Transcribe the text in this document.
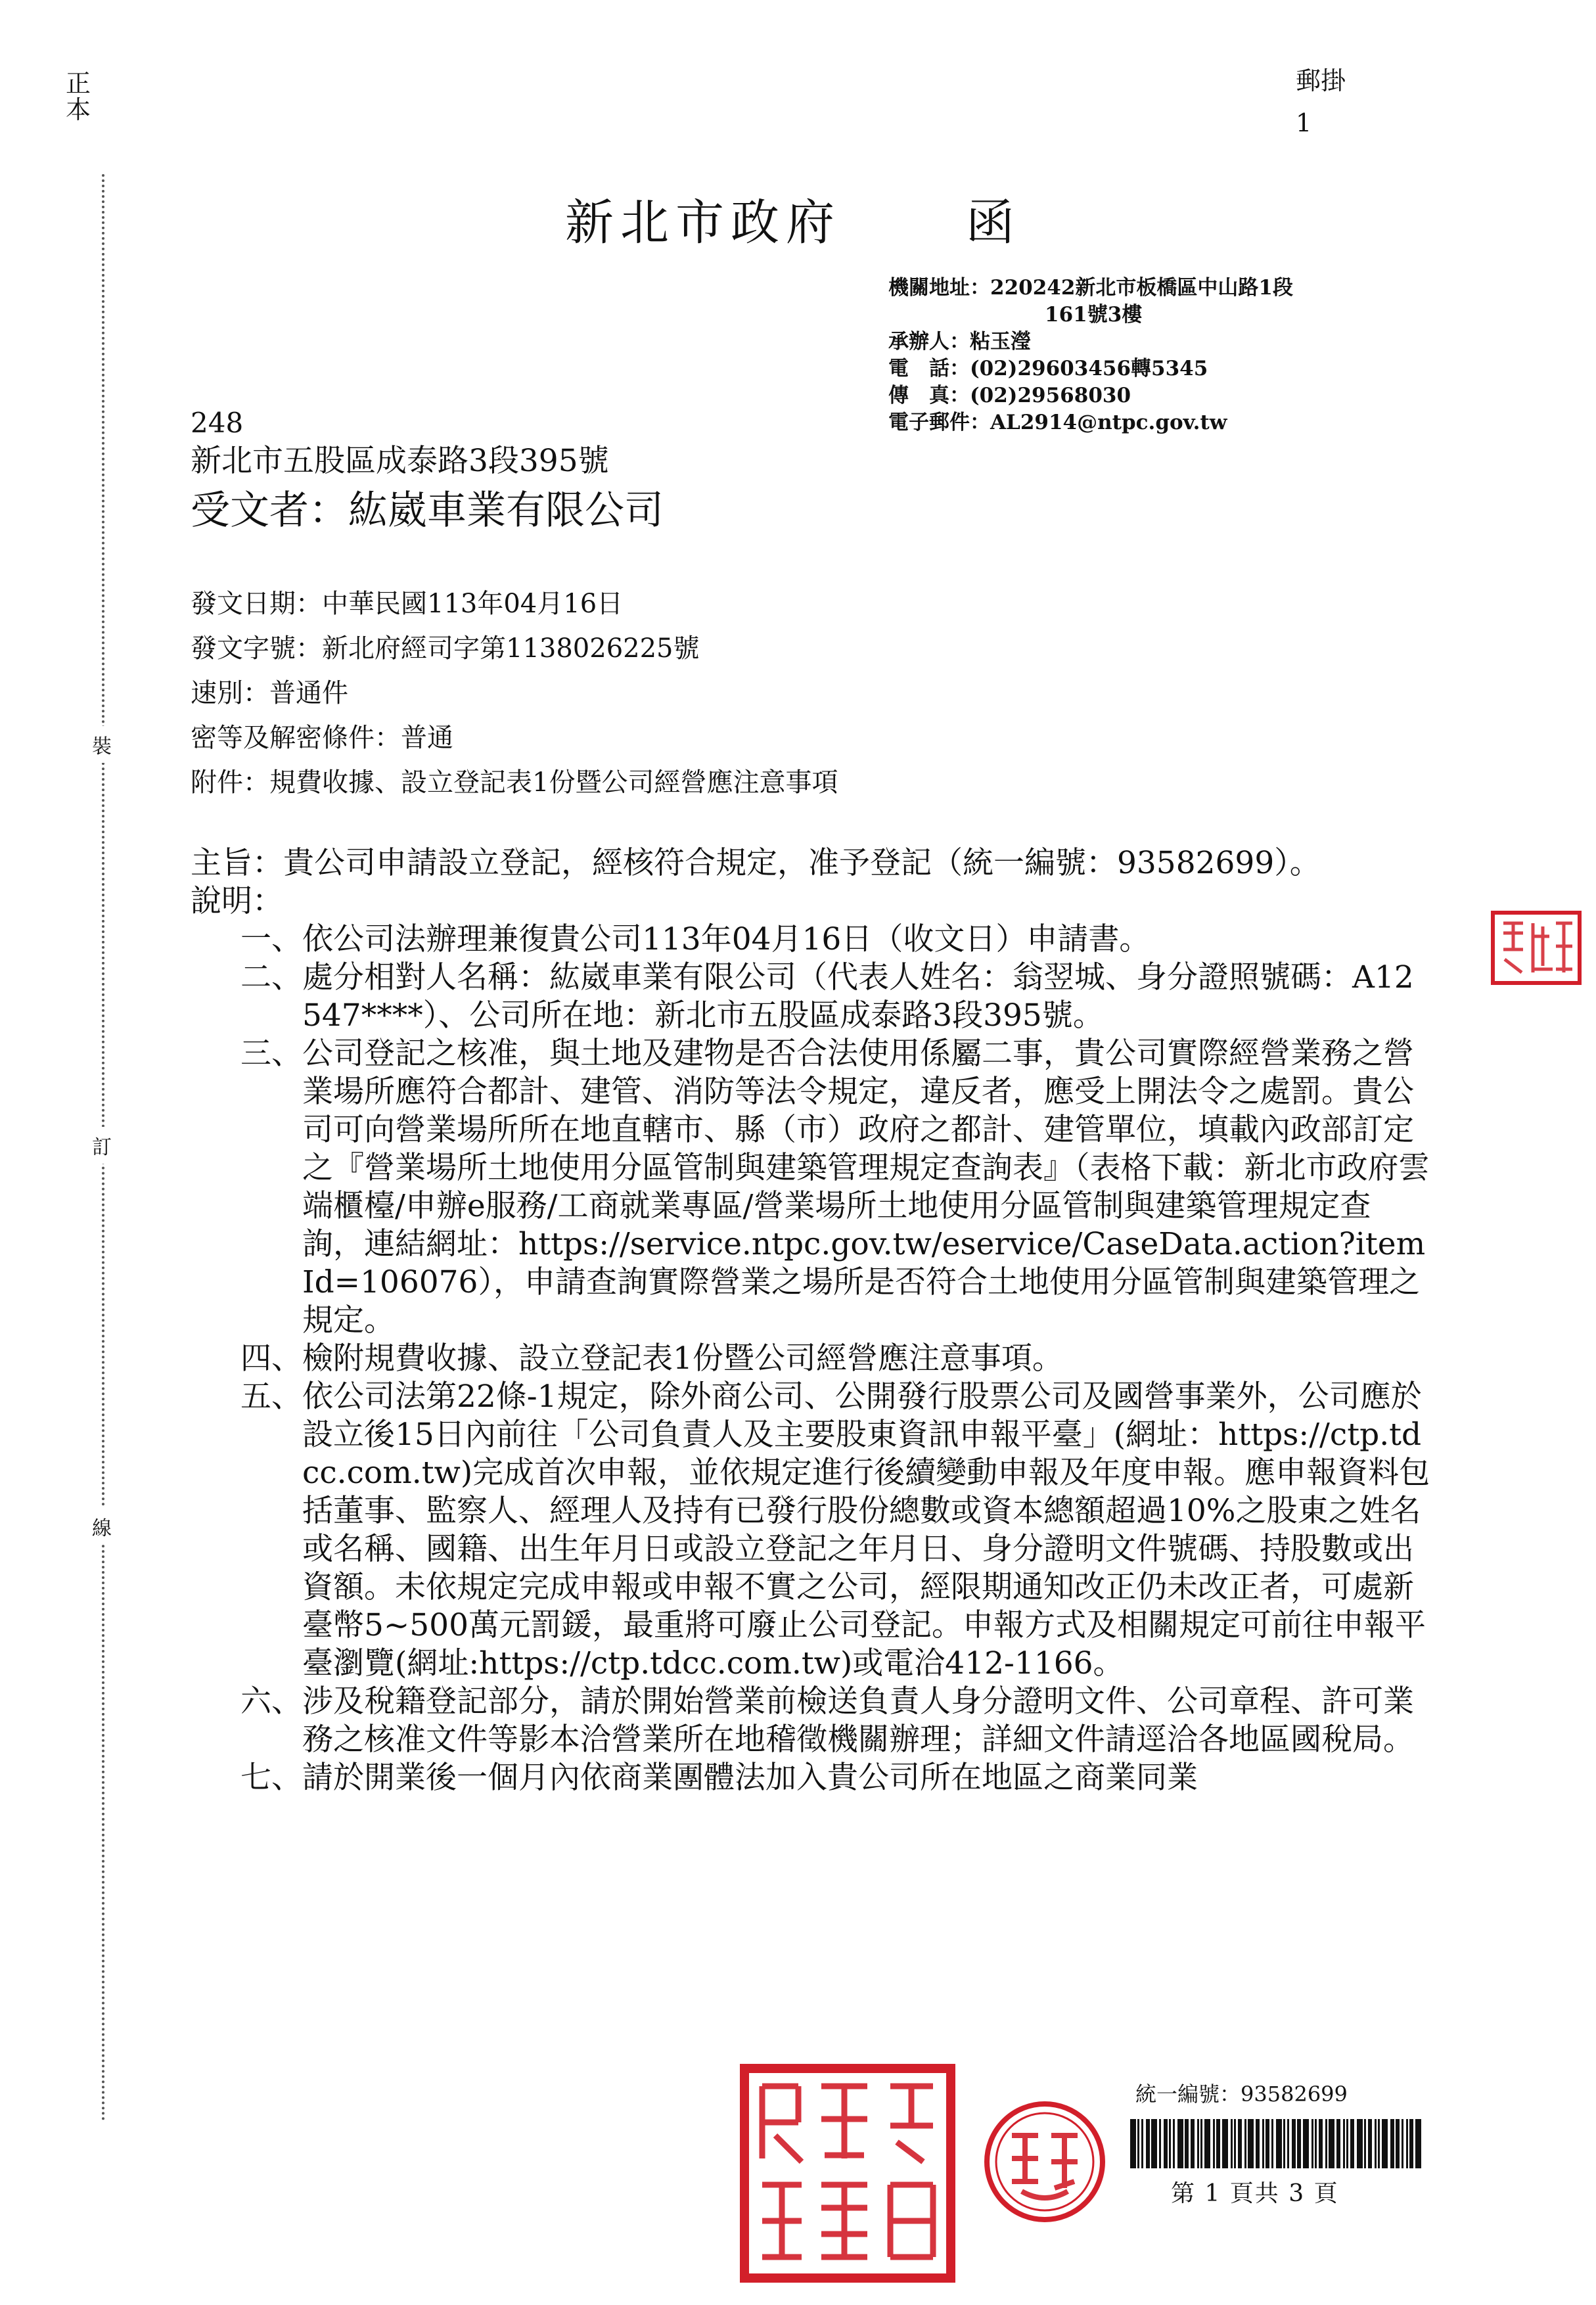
正
本
郵掛
1
裝
訂
線
新北市政府	函
機關地址：220242新北市板橋區中山路1段
161號3樓
承辦人：粘玉瀅
電　話：(02)29603456轉5345
傳　真：(02)29568030
電子郵件：AL2914@ntpc.gov.tw
248
新北市五股區成泰路3段395號
受文者：紘崴車業有限公司
發文日期：中華民國113年04月16日
發文字號：新北府經司字第1138026225號
速別：普通件
密等及解密條件：普通
附件：規費收據、設立登記表1份暨公司經營應注意事項
主旨： 貴公司申請設立登記，經核符合規定，准予登記（統一編號：93582699）。
說明：
一、 依公司法辦理兼復貴公司113年04月16日（收文日）申請書。
二、 處分相對人名稱：紘崴車業有限公司（代表人姓名：翁翌城、身分證照號碼：A12547****）、公司所在地：新北市五股區成泰路3段395號。
三、 公司登記之核准，與土地及建物是否合法使用係屬二事，貴公司實際經營業務之營業場所應符合都計、建管、消防等法令規定，違反者，應受上開法令之處罰。貴公司可向營業場所所在地直轄市、縣（市）政府之都計、建管單位，填載內政部訂定之『營業場所土地使用分區管制與建築管理規定查詢表』（表格下載：新北市政府雲端櫃檯/申辦e服務/工商就業專區/營業場所土地使用分區管制與建築管理規定查詢，連結網址：https://service.ntpc.gov.tw/eservice/CaseData.action?itemId=106076），申請查詢實際營業之場所是否符合土地使用分區管制與建築管理之規定。
四、 檢附規費收據、設立登記表1份暨公司經營應注意事項。
五、 依公司法第22條-1規定，除外商公司、公開發行股票公司及國營事業外，公司應於設立後15日內前往「公司負責人及主要股東資訊申報平臺」(網址：https://ctp.tdcc.com.tw)完成首次申報，並依規定進行後續變動申報及年度申報。應申報資料包括董事、監察人、經理人及持有已發行股份總數或資本總額超過10%之股東之姓名或名稱、國籍、出生年月日或設立登記之年月日、身分證明文件號碼、持股數或出資額。未依規定完成申報或申報不實之公司，經限期通知改正仍未改正者，可處新臺幣5~500萬元罰鍰，最重將可廢止公司登記。申報方式及相關規定可前往申報平臺瀏覽(網址:https://ctp.tdcc.com.tw)或電洽412-1166。
六、 涉及稅籍登記部分，請於開始營業前檢送負責人身分證明文件、公司章程、許可業務之核准文件等影本洽營業所在地稽徵機關辦理；詳細文件請逕洽各地區國稅局。
七、 請於開業後一個月內依商業團體法加入貴公司所在地區之商業同業
統一編號：93582699
第 1 頁共 3 頁
